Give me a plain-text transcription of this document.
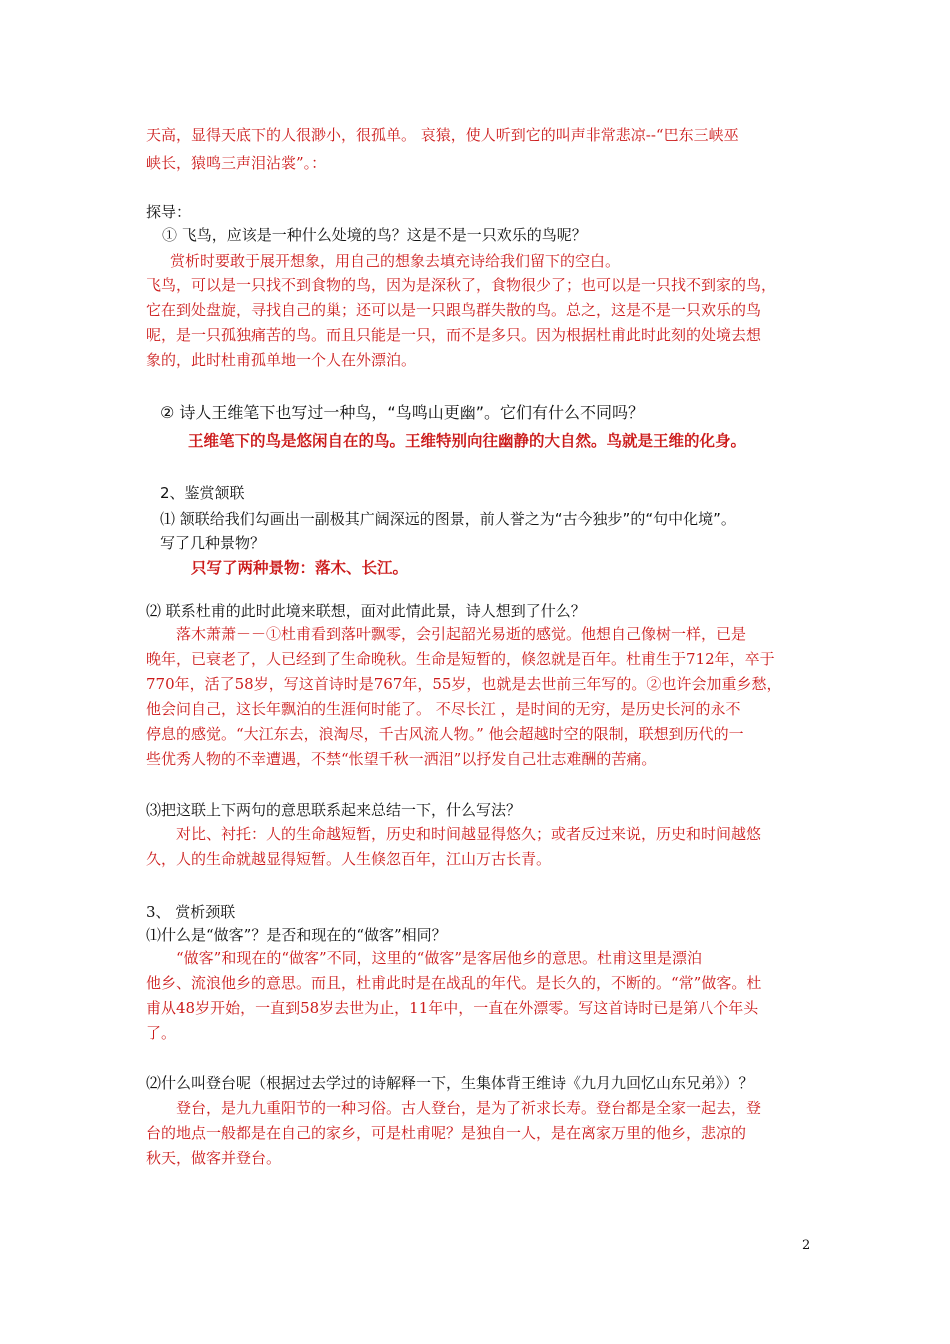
天高，显得天底下的人很渺小，很孤单。 哀猿，使人听到它的叫声非常悲凉--“巴东三峡巫
峡长，猿鸣三声泪沾裳”。：
探导：
① 飞鸟，应该是一种什么处境的鸟？这是不是一只欢乐的鸟呢？
赏析时要敢于展开想象，用自己的想象去填充诗给我们留下的空白。
飞鸟，可以是一只找不到食物的鸟，因为是深秋了，食物很少了；也可以是一只找不到家的鸟，
它在到处盘旋，寻找自己的巢；还可以是一只跟鸟群失散的鸟。总之，这是不是一只欢乐的鸟
呢，是一只孤独痛苦的鸟。而且只能是一只，而不是多只。因为根据杜甫此时此刻的处境去想
象的，此时杜甫孤单地一个人在外漂泊。
② 诗人王维笔下也写过一种鸟，“鸟鸣山更幽”。它们有什么不同吗？
王维笔下的鸟是悠闲自在的鸟。王维特别向往幽静的大自然。鸟就是王维的化身。
2、鉴赏颔联
⑴ 颔联给我们勾画出一副极其广阔深远的图景，前人誉之为“古今独步”的“句中化境”。
写了几种景物？
只写了两种景物：落木、长江。
⑵ 联系杜甫的此时此境来联想，面对此情此景，诗人想到了什么？
落木萧萧－－①杜甫看到落叶飘零，会引起韶光易逝的感觉。他想自己像树一样，已是
晚年，已衰老了，人已经到了生命晚秋。生命是短暂的，倏忽就是百年。杜甫生于712年，卒于
770年，活了58岁，写这首诗时是767年，55岁，也就是去世前三年写的。②也许会加重乡愁，
他会问自己，这长年飘泊的生涯何时能了。 不尽长江 ，是时间的无穷，是历史长河的永不
停息的感觉。“大江东去，浪淘尽，千古风流人物。” 他会超越时空的限制，联想到历代的一
些优秀人物的不幸遭遇，不禁“怅望千秋一洒泪”以抒发自己壮志难酬的苦痛。
⑶把这联上下两句的意思联系起来总结一下，什么写法？
对比、衬托：人的生命越短暂，历史和时间越显得悠久；或者反过来说，历史和时间越悠
久，人的生命就越显得短暂。人生倏忽百年，江山万古长青。
3、 赏析颈联
⑴什么是“做客”？是否和现在的“做客”相同？
“做客”和现在的“做客”不同，这里的“做客”是客居他乡的意思。杜甫这里是漂泊
他乡、流浪他乡的意思。而且，杜甫此时是在战乱的年代。是长久的，不断的。“常”做客。杜
甫从48岁开始，一直到58岁去世为止，11年中，一直在外漂零。写这首诗时已是第八个年头
了。
⑵什么叫登台呢（根据过去学过的诗解释一下，生集体背王维诗《九月九回忆山东兄弟》）？
登台，是九九重阳节的一种习俗。古人登台，是为了祈求长寿。登台都是全家一起去，登
台的地点一般都是在自己的家乡，可是杜甫呢？是独自一人，是在离家万里的他乡，悲凉的
秋天，做客并登台。
2
